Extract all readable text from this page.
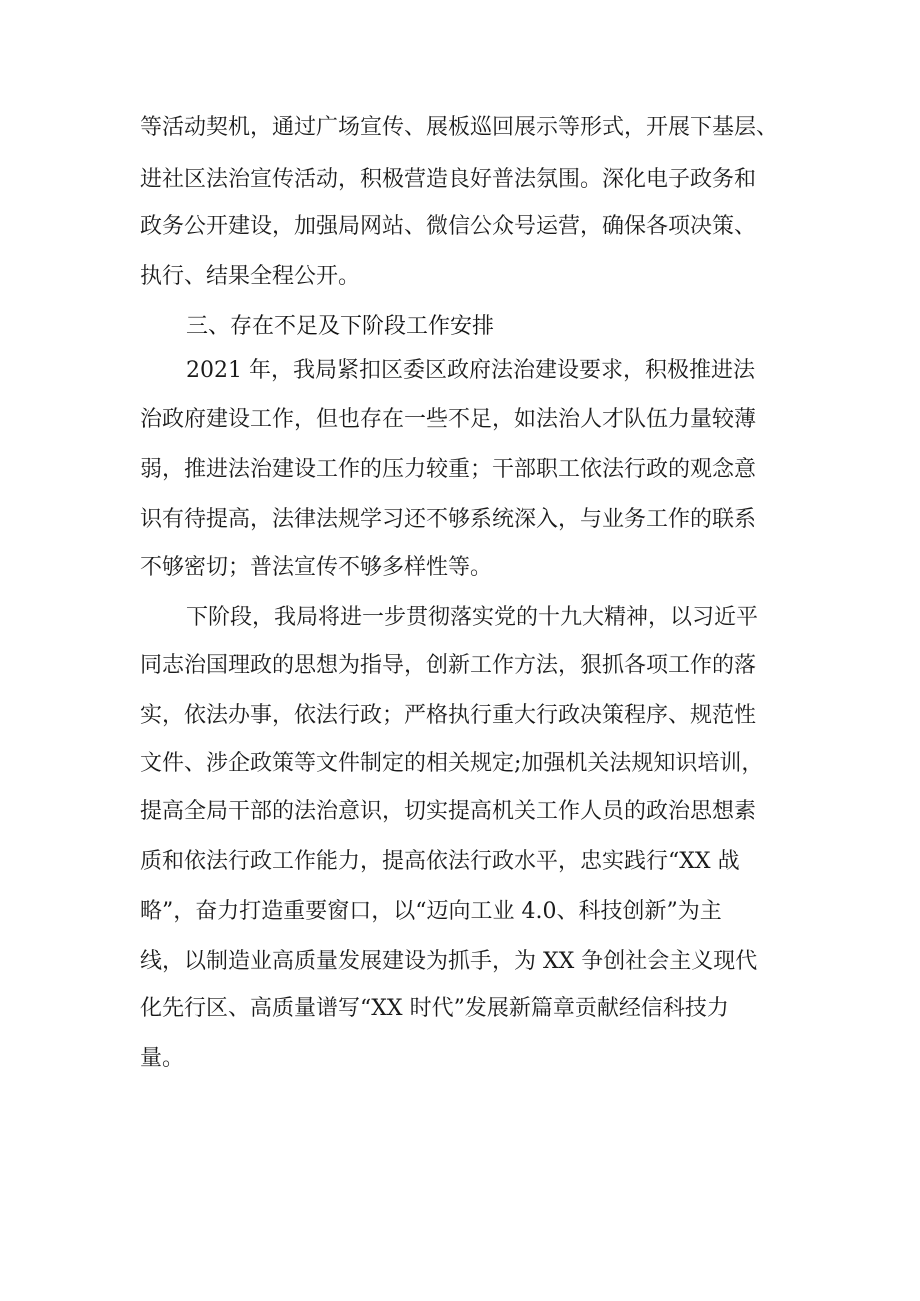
等活动契机，通过广场宣传、展板巡回展示等形式，开展下基层、
进社区法治宣传活动，积极营造良好普法氛围。深化电子政务和
政务公开建设，加强局网站、微信公众号运营，确保各项决策、
执行、结果全程公开。
三、存在不足及下阶段工作安排
2021 年，我局紧扣区委区政府法治建设要求，积极推进法
治政府建设工作，但也存在一些不足，如法治人才队伍力量较薄
弱，推进法治建设工作的压力较重；干部职工依法行政的观念意
识有待提高，法律法规学习还不够系统深入，与业务工作的联系
不够密切；普法宣传不够多样性等。
下阶段，我局将进一步贯彻落实党的十九大精神，以习近平
同志治国理政的思想为指导，创新工作方法，狠抓各项工作的落
实，依法办事，依法行政；严格执行重大行政决策程序、规范性
文件、涉企政策等文件制定的相关规定;加强机关法规知识培训，
提高全局干部的法治意识，切实提高机关工作人员的政治思想素
质和依法行政工作能力，提高依法行政水平，忠实践行“XX 战
略”，奋力打造重要窗口，以“迈向工业 4.0、科技创新”为主
线，以制造业高质量发展建设为抓手，为 XX 争创社会主义现代
化先行区、高质量谱写“XX 时代”发展新篇章贡献经信科技力
量。
